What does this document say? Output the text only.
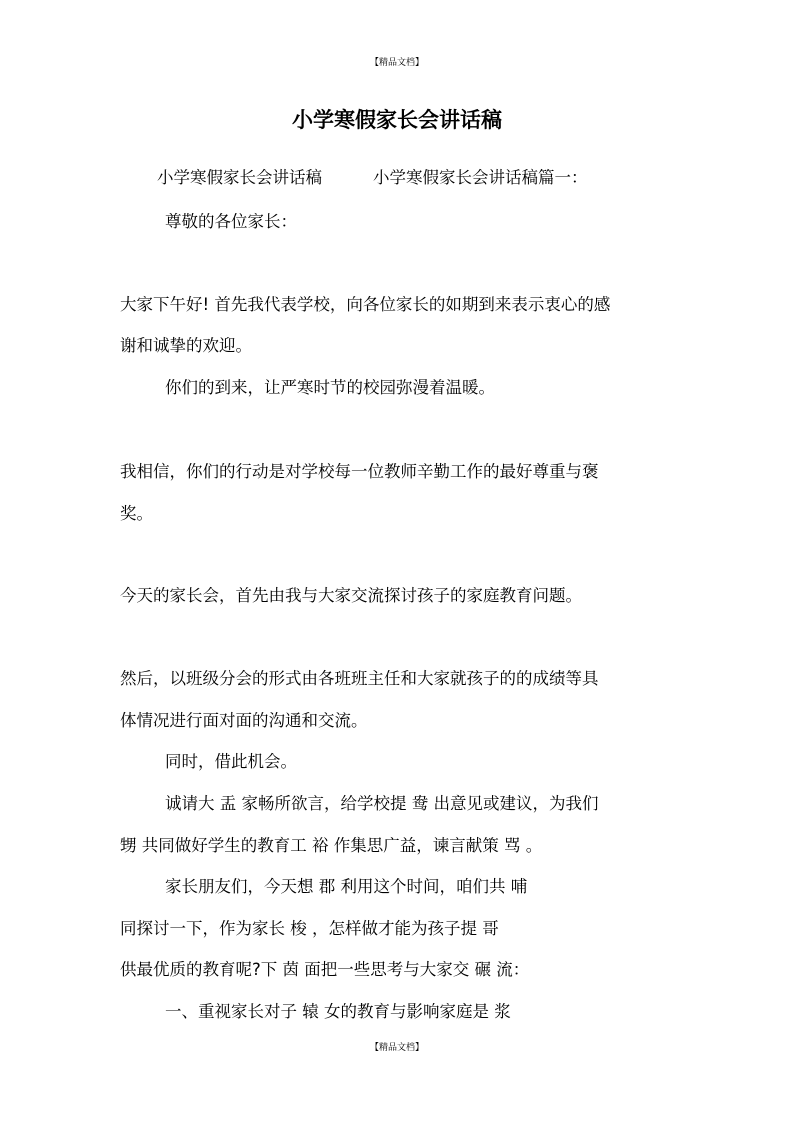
【精品文档】
小学寒假家长会讲话稿
小学寒假家长会讲话稿	小学寒假家长会讲话稿篇一：
尊敬的各位家长：
大家下午好! 首先我代表学校，向各位家长的如期到来表示衷心的感
谢和诚挚的欢迎。
你们的到来，让严寒时节的校园弥漫着温暖。
我相信，你们的行动是对学校每一位教师辛勤工作的最好尊重与褒
奖。
今天的家长会，首先由我与大家交流探讨孩子的家庭教育问题。
然后，以班级分会的形式由各班班主任和大家就孩子的的成绩等具
体情况进行面对面的沟通和交流。
同时，借此机会。
诚请大 盂 家畅所欲言，给学校提 鸯 出意见或建议，为我们
甥 共同做好学生的教育工 裕 作集思广益，谏言献策 骂 。
家长朋友们，今天想 郡 利用这个时间，咱们共 哺
同探讨一下，作为家长 梭 ，怎样做才能为孩子提 哥
供最优质的教育呢?下 茵 面把一些思考与大家交 碾 流：
一、重视家长对子 辕 女的教育与影响家庭是 浆
【精品文档】
